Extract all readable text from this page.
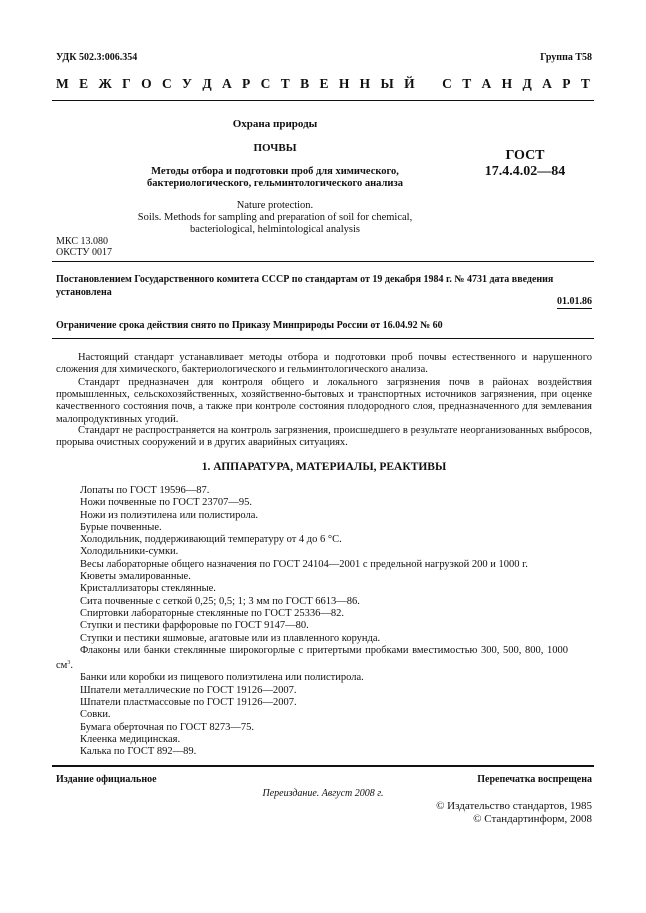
УДК 502.3:006.354	Группа Т58
М Е Ж Г О С У Д А Р С Т В Е Н Н Ы Й
С Т А Н Д А Р Т
Охрана природы
ПОЧВЫ
Методы отбора и подготовки проб для химического,
бактериологического, гельминтологического анализа
Nature protection.
Soils. Methods for sampling and preparation of soil for chemical,
bacteriological, helmintological analysis
ГОСТ
17.4.4.02—84
МКС 13.080
ОКСТУ 0017
Постановлением Государственного комитета СССР по стандартам от 19 декабря 1984 г. № 4731 дата введения установлена
01.01.86
Ограничение срока действия снято по Приказу Минприроды России от 16.04.92 № 60
Настоящий стандарт устанавливает методы отбора и подготовки проб почвы естественного и нарушенного сложения для химического, бактериологического и гельминтологического анализа.
Стандарт предназначен для контроля общего и локального загрязнения почв в районах воздействия промышленных, сельскохозяйственных, хозяйственно-бытовых и транспортных источников загрязнения, при оценке качественного состояния почв, а также при контроле состояния плодородного слоя, предназначенного для землевания малопродуктивных угодий.
Стандарт не распространяется на контроль загрязнения, происшедшего в результате неорганизованных выбросов, прорыва очистных сооружений и в других аварийных ситуациях.
1. АППАРАТУРА, МАТЕРИАЛЫ, РЕАКТИВЫ
Лопаты по ГОСТ 19596—87.
Ножи почвенные по ГОСТ 23707—95.
Ножи из полиэтилена или полистирола.
Бурые почвенные.
Холодильник, поддерживающий температуру от 4 до 6 °С.
Холодильники-сумки.
Весы лабораторные общего назначения по ГОСТ 24104—2001 с предельной нагрузкой 200 и 1000 г.
Кюветы эмалированные.
Кристаллизаторы стеклянные.
Сита почвенные с сеткой 0,25; 0,5; 1; 3 мм по ГОСТ 6613—86.
Спиртовки лабораторные стеклянные по ГОСТ 25336—82.
Ступки и пестики фарфоровые по ГОСТ 9147—80.
Ступки и пестики яшмовые, агатовые или из плавленного корунда.
Флаконы или банки стеклянные широкогорлые с притертыми пробками вместимостью 300, 500, 800, 1000 $см^3$.
Банки или коробки из пищевого полиэтилена или полистирола.
Шпатели металлические по ГОСТ 19126—2007.
Шпатели пластмассовые по ГОСТ 19126—2007.
Совки.
Бумага оберточная по ГОСТ 8273—75.
Клеенка медицинская.
Калька по ГОСТ 892—89.
Издание официальное	Перепечатка воспрещена
Переиздание. Август 2008 г.
© Издательство стандартов, 1985
© Стандартинформ, 2008
